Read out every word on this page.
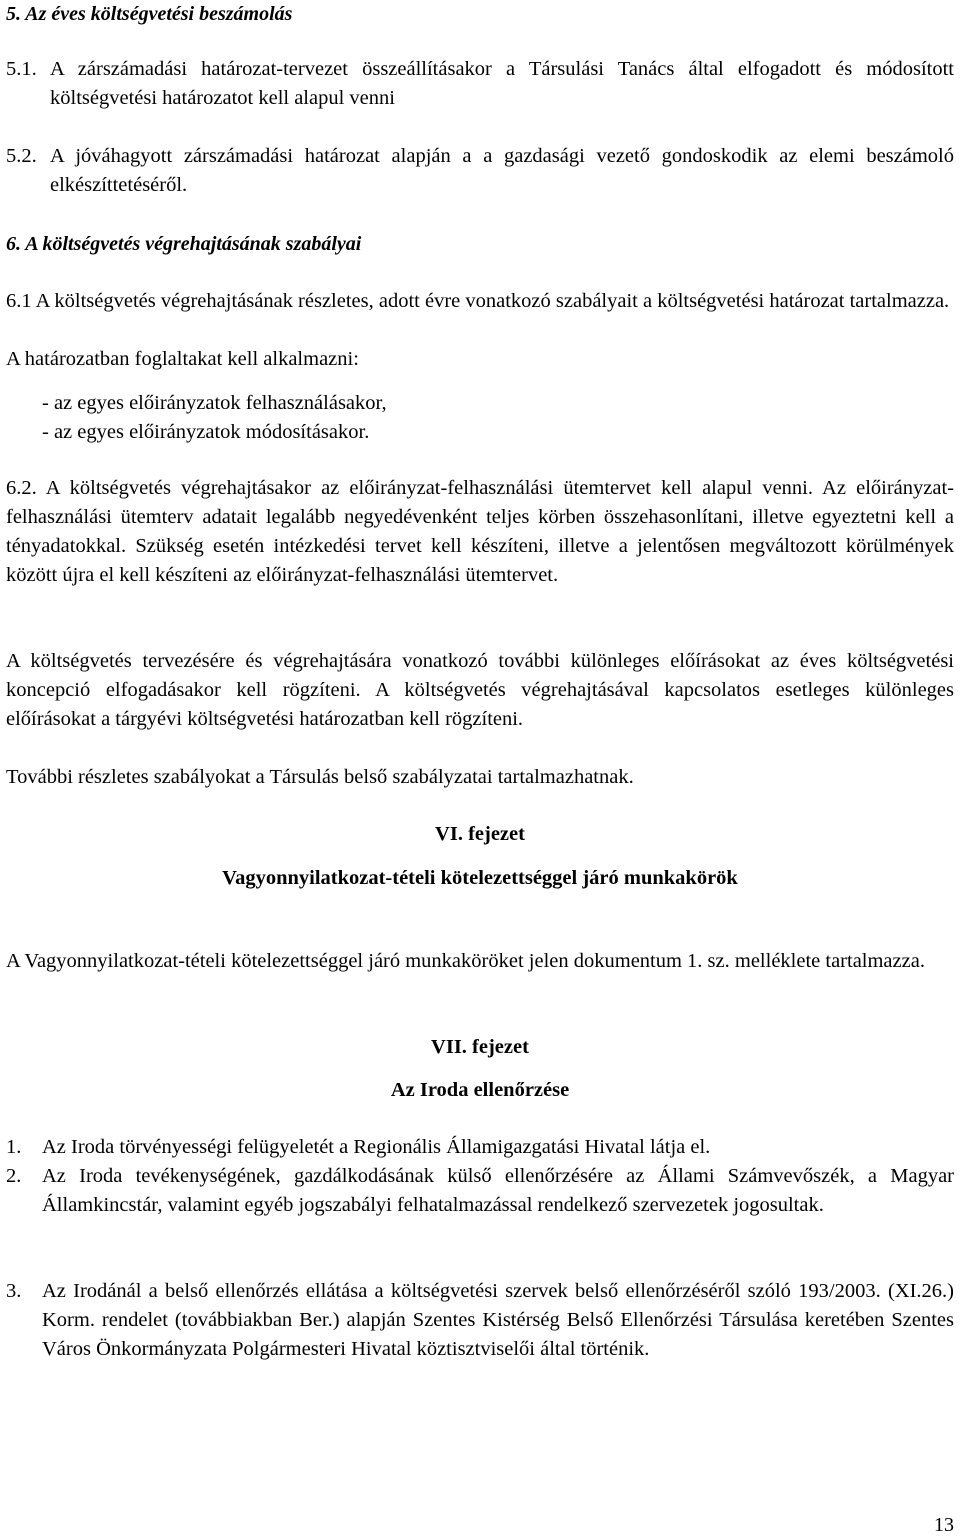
5. Az éves költségvetési beszámolás

5.1. A zárszámadási határozat-tervezet összeállításakor a Társulási Tanács által elfogadott és módosított költségvetési határozatot kell alapul venni
5.2. A jóváhagyott zárszámadási határozat alapján a a gazdasági vezető gondoskodik az elemi beszámoló elkészíttetéséről.

6. A költségvetés végrehajtásának szabályai

6.1 A költségvetés végrehajtásának részletes, adott évre vonatkozó szabályait a költségvetési határozat tartalmazza.

A határozatban foglaltakat kell alkalmazni:

- az egyes előirányzatok felhasználásakor,

- az egyes előirányzatok módosításakor.

6.2. A költségvetés végrehajtásakor az előirányzat-felhasználási ütemtervet kell alapul venni. Az előirányzat-felhasználási ütemterv adatait legalább negyedévenként teljes körben összehasonlítani, illetve egyeztetni kell a tényadatokkal. Szükség esetén intézkedési tervet kell készíteni, illetve a jelentősen megváltozott körülmények között újra el kell készíteni az előirányzat-felhasználási ütemtervet.

A költségvetés tervezésére és végrehajtására vonatkozó további különleges előírásokat az éves költségvetési koncepció elfogadásakor kell rögzíteni. A költségvetés végrehajtásával kapcsolatos esetleges különleges előírásokat a tárgyévi költségvetési határozatban kell rögzíteni.

További részletes szabályokat a Társulás belső szabályzatai tartalmazhatnak.

VI. fejezet

Vagyonnyilatkozat-tételi kötelezettséggel járó munkakörök

A Vagyonnyilatkozat-tételi kötelezettséggel járó munkaköröket jelen dokumentum 1. sz. melléklete tartalmazza.

VII. fejezet

Az Iroda ellenőrzése

1.	Az Iroda törvényességi felügyeletét a Regionális Államigazgatási Hivatal látja el.
2.	Az Iroda tevékenységének, gazdálkodásának külső ellenőrzésére az Állami Számvevőszék, a Magyar Államkincstár, valamint egyéb jogszabályi felhatalmazással rendelkező szervezetek jogosultak.
3.	Az Irodánál a belső ellenőrzés ellátása a költségvetési szervek belső ellenőrzéséről szóló 193/2003. (XI.26.) Korm. rendelet (továbbiakban Ber.) alapján Szentes Kistérség Belső Ellenőrzési Társulása keretében Szentes Város Önkormányzata Polgármesteri Hivatal köztisztviselői által történik.
13
